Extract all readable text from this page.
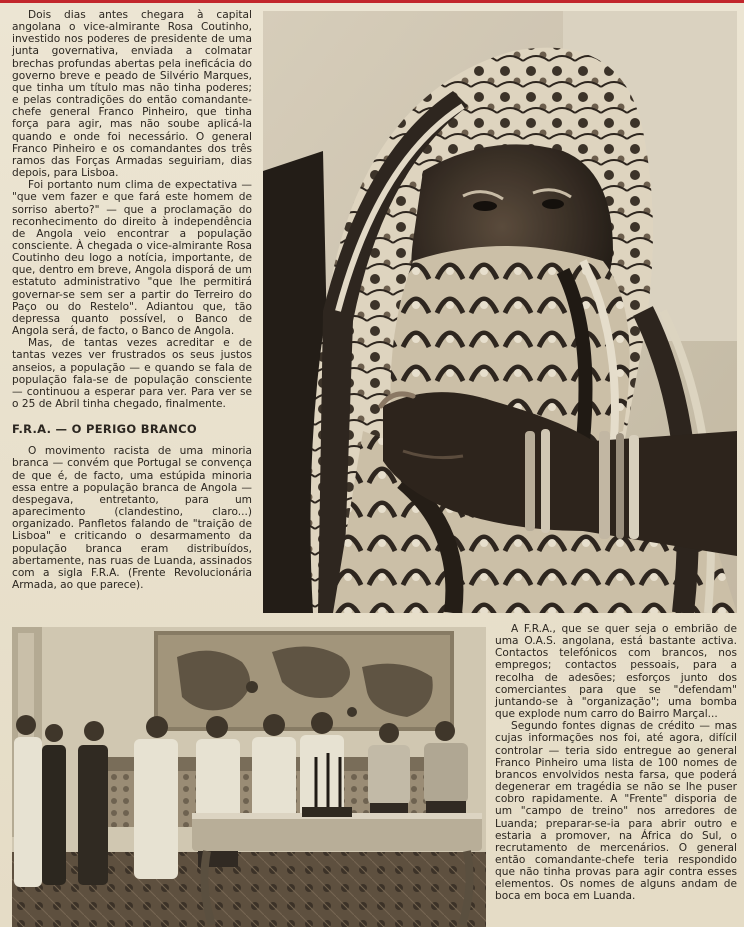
Dois dias antes chegara à capital angolana o vice-almirante Rosa Coutinho, investido nos poderes de presidente de uma junta governativa, enviada a colmatar brechas profundas abertas pela ineficácia do governo breve e peado de Silvério Marques, que tinha um título mas não tinha poderes; e pelas contradições do então comandante-chefe general Franco Pinheiro, que tinha força para agir, mas não soube aplicá-la quando e onde foi necessário. O general Franco Pinheiro e os comandantes dos três ramos das Forças Armadas seguiriam, dias depois, para Lisboa.

Foi portanto num clima de expectativa — "que vem fazer e que fará este homem de sorriso aberto?" — que a proclamação do reconhecimento do direito à independência de Angola veio encontrar a população consciente. À chegada o vice-almirante Rosa Coutinho deu logo a notícia, importante, de que, dentro em breve, Angola disporá de um estatuto administrativo "que lhe permitirá governar-se sem ser a partir do Terreiro do Paço ou do Restelo". Adiantou que, tão depressa quanto possível, o Banco de Angola será, de facto, o Banco de Angola.

Mas, de tantas vezes acreditar e de tantas vezes ver frustrados os seus justos anseios, a população — e quando se fala de população fala-se de população consciente — continuou a esperar para ver. Para ver se o 25 de Abril tinha chegado, finalmente.

F.R.A. — O PERIGO BRANCO

O movimento racista de uma minoria branca — convém que Portugal se convença de que é, de facto, uma estúpida minoria essa entre a população branca de Angola — despegava, entretanto, para um aparecimento (clandestino, claro...) organizado. Panfletos falando de "traição de Lisboa" e criticando o desarmamento da população branca eram distribuídos, abertamente, nas ruas de Luanda, assinados com a sigla F.R.A. (Frente Revolucionária Armada, ao que parece).

A F.R.A., que se quer seja o embrião de uma O.A.S. angolana, está bastante activa. Contactos telefónicos com brancos, nos empregos; contactos pessoais, para a recolha de adesões; esforços junto dos comerciantes para que se "defendam" juntando-se à "organização"; uma bomba que explode num carro do Bairro Marçal...

Segundo fontes dignas de crédito — mas cujas informações nos foi, até agora, difícil controlar — teria sido entregue ao general Franco Pinheiro uma lista de 100 nomes de brancos envolvidos nesta farsa, que poderá degenerar em tragédia se não se lhe puser cobro rapidamente. A "Frente" disporia de um "campo de treino" nos arredores de Luanda; preparar-se-ia para abrir outro e estaria a promover, na África do Sul, o recrutamento de mercenários. O general então comandante-chefe teria respondido que não tinha provas para agir contra esses elementos. Os nomes de alguns andam de boca em boca em Luanda.
